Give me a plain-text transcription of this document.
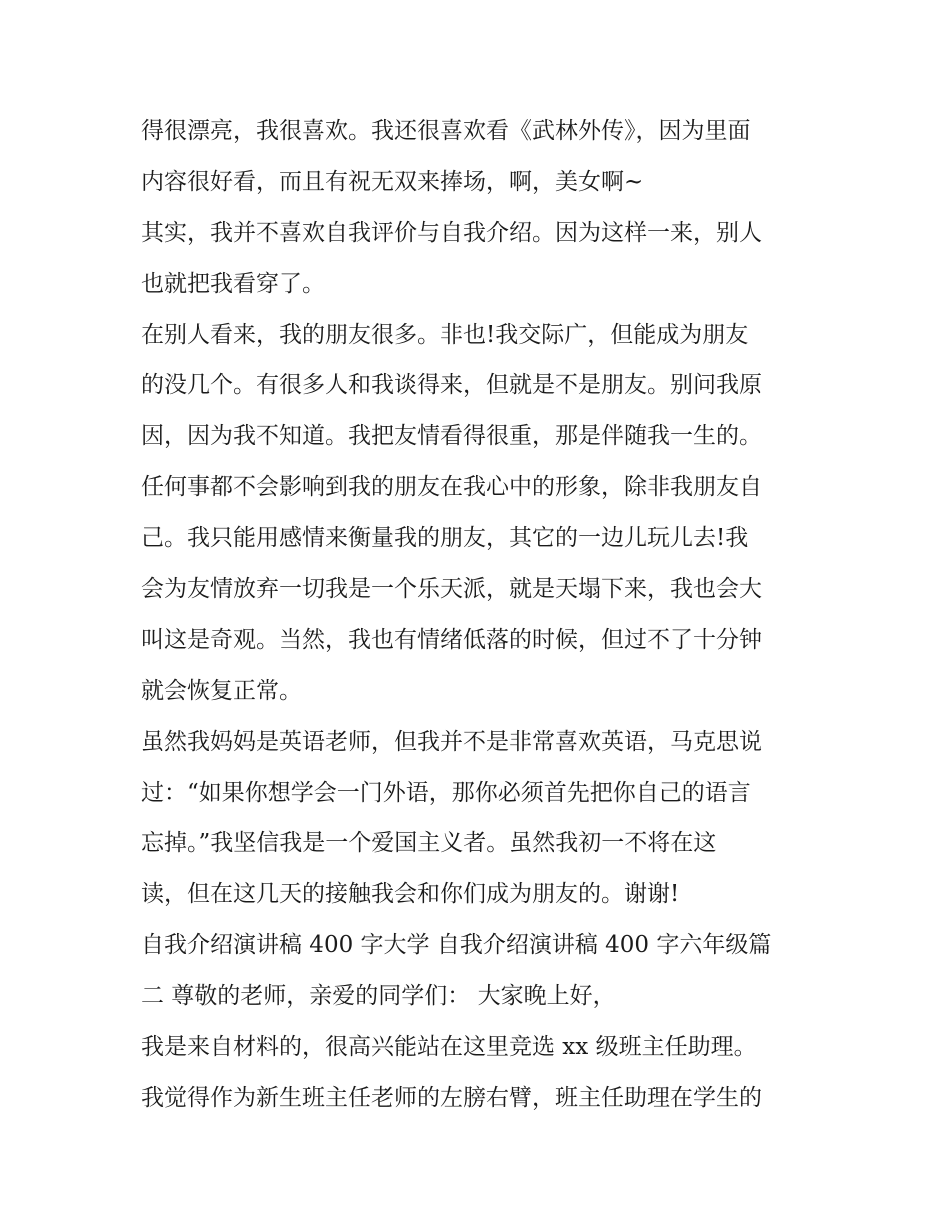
得很漂亮，我很喜欢。我还很喜欢看《武林外传》，因为里面
内容很好看，而且有祝无双来捧场，啊，美女啊~
其实，我并不喜欢自我评价与自我介绍。因为这样一来，别人
也就把我看穿了。
在别人看来，我的朋友很多。非也!我交际广，但能成为朋友
的没几个。有很多人和我谈得来，但就是不是朋友。别问我原
因，因为我不知道。我把友情看得很重，那是伴随我一生的。
任何事都不会影响到我的朋友在我心中的形象，除非我朋友自
己。我只能用感情来衡量我的朋友，其它的一边儿玩儿去!我
会为友情放弃一切我是一个乐天派，就是天塌下来，我也会大
叫这是奇观。当然，我也有情绪低落的时候，但过不了十分钟
就会恢复正常。
虽然我妈妈是英语老师，但我并不是非常喜欢英语，马克思说
过：“如果你想学会一门外语，那你必须首先把你自己的语言
忘掉。”我坚信我是一个爱国主义者。虽然我初一不将在这
读，但在这几天的接触我会和你们成为朋友的。谢谢!
自我介绍演讲稿 400 字大学 自我介绍演讲稿 400 字六年级篇
二 尊敬的老师，亲爱的同学们： 大家晚上好，
我是来自材料的，很高兴能站在这里竞选 xx 级班主任助理。
我觉得作为新生班主任老师的左膀右臂，班主任助理在学生的
